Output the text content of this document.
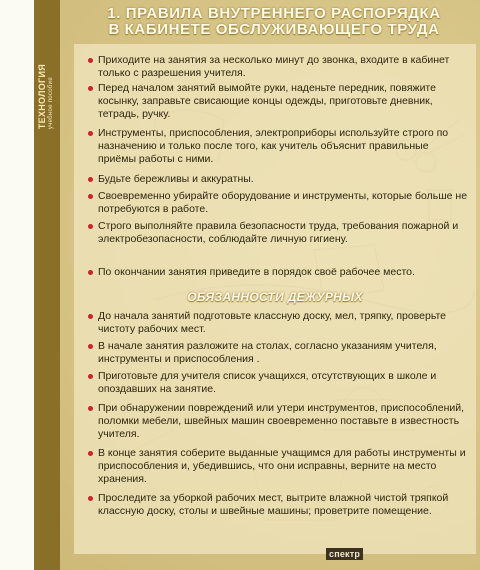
ТЕХНОЛОГИЯ учебное пособие
1. ПРАВИЛА ВНУТРЕННЕГО РАСПОРЯДКА
В КАБИНЕТЕ ОБСЛУЖИВАЮЩЕГО ТРУДА
Приходите на занятия за несколько минут до звонка, входите в кабинет только с разрешения учителя.
Перед началом занятий вымойте руки, наденьте передник, повяжите косынку, заправьте свисающие концы одежды, приготовьте дневник, тетрадь, ручку.
Инструменты, приспособления, электроприборы используйте строго по назначению и только после того, как учитель объяснит правильные приёмы работы с ними.
Будьте бережливы и аккуратны.
Своевременно убирайте оборудование и инструменты, которые больше не потребуются в работе.
Строго выполняйте правила безопасности труда, требования пожарной и электробезопасности, соблюдайте личную гигиену.
По окончании занятия приведите в порядок своё рабочее место.
ОБЯЗАННОСТИ ДЕЖУРНЫХ
До начала занятий подготовьте классную доску, мел, тряпку, проверьте чистоту рабочих мест.
В начале занятия разложите на столах, согласно указаниям учителя, инструменты и приспособления .
Приготовьте для учителя список учащихся, отсутствующих в школе и опоздавших на занятие.
При обнаружении повреждений или утери инструментов, приспособлений, поломки мебели, швейных машин своевременно поставьте в известность учителя.
В конце занятия соберите выданные учащимся для работы инструменты и приспособления и, убедившись, что они исправны, верните на место хранения.
Проследите за уборкой рабочих мест, вытрите влажной чистой тряпкой классную доску, столы и швейные машины; проветрите помещение.
спектр
